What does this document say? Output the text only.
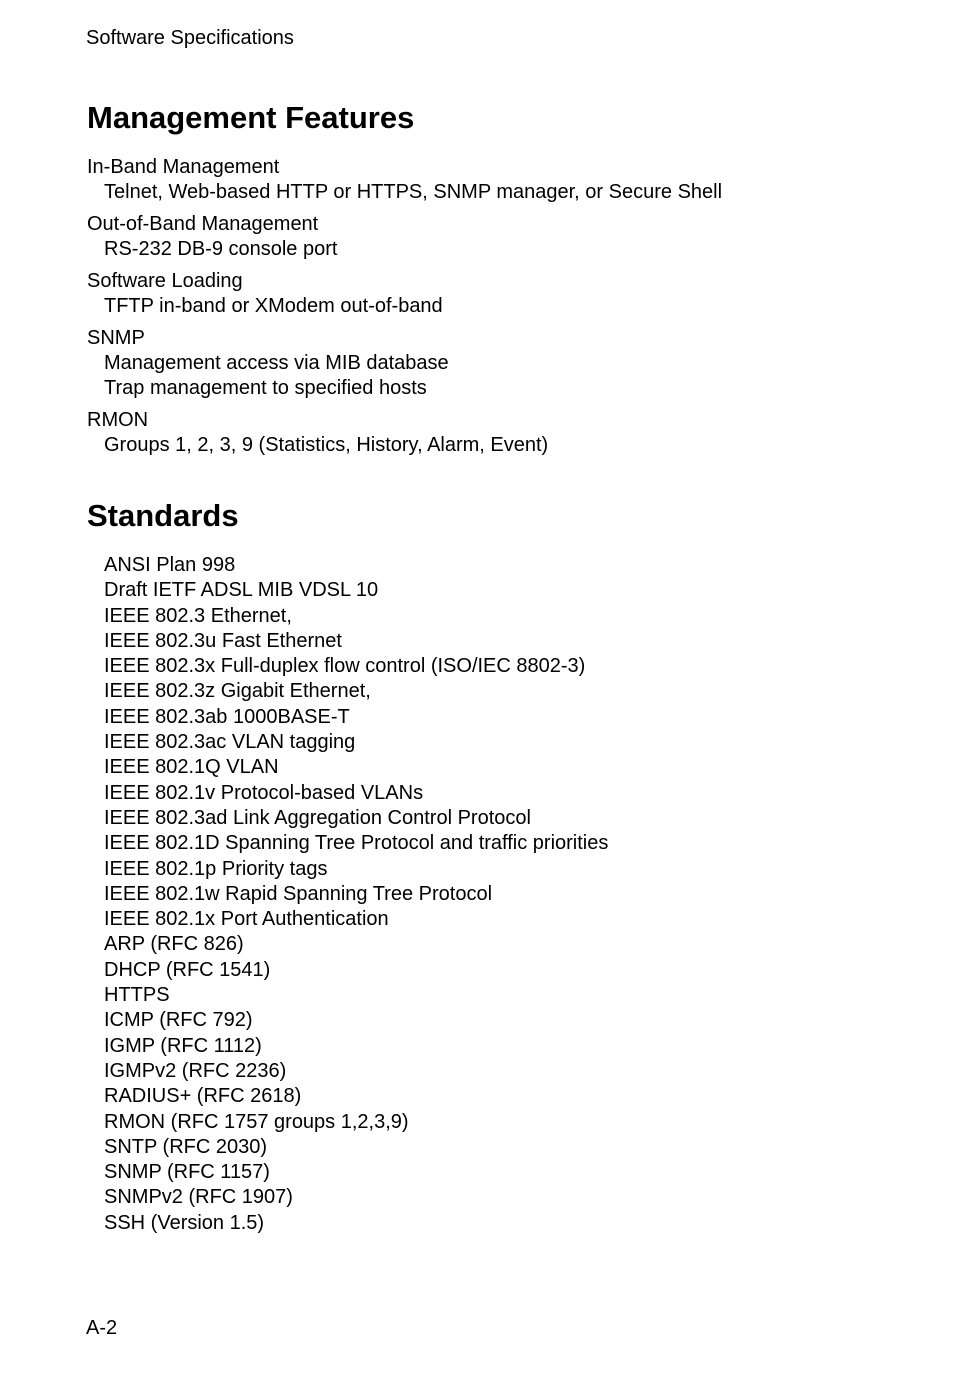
Software Specifications
Management Features
In-Band Management
Telnet, Web-based HTTP or HTTPS, SNMP manager, or Secure Shell
Out-of-Band Management
RS-232 DB-9 console port
Software Loading
TFTP in-band or XModem out-of-band
SNMP
Management access via MIB database
Trap management to specified hosts
RMON
Groups 1, 2, 3, 9 (Statistics, History, Alarm, Event)
Standards
ANSI Plan 998
Draft IETF ADSL MIB VDSL 10
IEEE 802.3 Ethernet,
IEEE 802.3u Fast Ethernet
IEEE 802.3x Full-duplex flow control (ISO/IEC 8802-3)
IEEE 802.3z Gigabit Ethernet,
IEEE 802.3ab 1000BASE-T
IEEE 802.3ac VLAN tagging
IEEE 802.1Q VLAN
IEEE 802.1v Protocol-based VLANs
IEEE 802.3ad Link Aggregation Control Protocol
IEEE 802.1D Spanning Tree Protocol and traffic priorities
IEEE 802.1p Priority tags
IEEE 802.1w Rapid Spanning Tree Protocol
IEEE 802.1x Port Authentication
ARP (RFC 826)
DHCP (RFC 1541)
HTTPS
ICMP (RFC 792)
IGMP (RFC 1112)
IGMPv2 (RFC 2236)
RADIUS+ (RFC 2618)
RMON (RFC 1757 groups 1,2,3,9)
SNTP (RFC 2030)
SNMP (RFC 1157)
SNMPv2 (RFC 1907)
SSH (Version 1.5)
A-2
